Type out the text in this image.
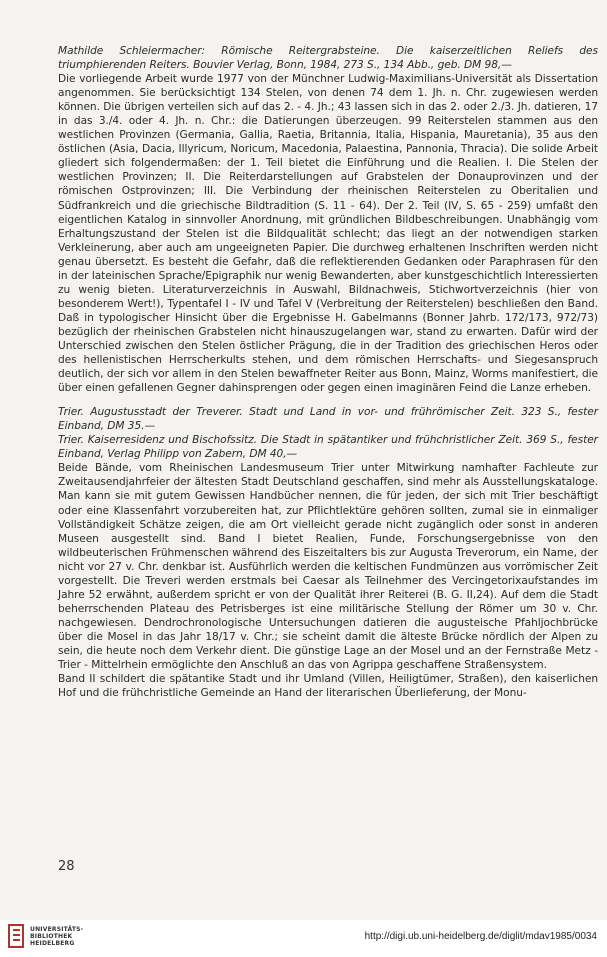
Mathilde Schleiermacher: Römische Reitergrabsteine. Die kaiserzeitlichen Reliefs des triumphierenden Reiters. Bouvier Verlag, Bonn, 1984, 273 S., 134 Abb., geb. DM 98,—

Die vorliegende Arbeit wurde 1977 von der Münchner Ludwig-Maximilians-Universität als Dissertation angenommen. Sie berücksichtigt 134 Stelen, von denen 74 dem 1. Jh. n. Chr. zugewiesen werden können. Die übrigen verteilen sich auf das 2. - 4. Jh.; 43 lassen sich in das 2. oder 2./3. Jh. datieren, 17 in das 3./4. oder 4. Jh. n. Chr.: die Datierungen überzeugen. 99 Reiterstelen stammen aus den westlichen Provinzen (Germania, Gallia, Raetia, Britannia, Italia, Hispania, Mauretania), 35 aus den östlichen (Asia, Dacia, Illyricum, Noricum, Macedonia, Palaestina, Pannonia, Thracia). Die solide Arbeit gliedert sich folgendermaßen: der 1. Teil bietet die Einführung und die Realien. I. Die Stelen der westlichen Provinzen; II. Die Reiterdarstellungen auf Grabstelen der Donauprovinzen und der römischen Ostprovinzen; III. Die Verbindung der rheinischen Reiterstelen zu Oberitalien und Südfrankreich und die griechische Bildtradition (S. 11 - 64). Der 2. Teil (IV, S. 65 - 259) umfaßt den eigentlichen Katalog in sinnvoller Anordnung, mit gründlichen Bildbeschreibungen. Unabhängig vom Erhaltungszustand der Stelen ist die Bildqualität schlecht; das liegt an der notwendigen starken Verkleinerung, aber auch am ungeeigneten Papier. Die durchweg erhaltenen Inschriften werden nicht genau übersetzt. Es besteht die Gefahr, daß die reflektierenden Gedanken oder Paraphrasen für den in der lateinischen Sprache/Epigraphik nur wenig Bewanderten, aber kunstgeschichtlich Interessierten zu wenig bieten. Literaturverzeichnis in Auswahl, Bildnachweis, Stichwortverzeichnis (hier von besonderem Wert!), Typentafel I - IV und Tafel V (Verbreitung der Reiterstelen) beschließen den Band. Daß in typologischer Hinsicht über die Ergebnisse H. Gabelmanns (Bonner Jahrb. 172/173, 972/73) bezüglich der rheinischen Grabstelen nicht hinauszugelangen war, stand zu erwarten. Dafür wird der Unterschied zwischen den Stelen östlicher Prägung, die in der Tradition des griechischen Heros oder des hellenistischen Herrscherkults stehen, und dem römischen Herrschafts- und Siegesanspruch deutlich, der sich vor allem in den Stelen bewaffneter Reiter aus Bonn, Mainz, Worms manifestiert, die über einen gefallenen Gegner dahinsprengen oder gegen einen imaginären Feind die Lanze erheben.

Trier. Augustusstadt der Treverer. Stadt und Land in vor- und frührömischer Zeit. 323 S., fester Einband, DM 35.—

Trier. Kaiserresidenz und Bischofssitz. Die Stadt in spätantiker und frühchristlicher Zeit. 369 S., fester Einband, Verlag Philipp von Zabern, DM 40,—

Beide Bände, vom Rheinischen Landesmuseum Trier unter Mitwirkung namhafter Fachleute zur Zweitausendjahrfeier der ältesten Stadt Deutschland geschaffen, sind mehr als Ausstellungskataloge. Man kann sie mit gutem Gewissen Handbücher nennen, die für jeden, der sich mit Trier beschäftigt oder eine Klassenfahrt vorzubereiten hat, zur Pflichtlektüre gehören sollten, zumal sie in einmaliger Vollständigkeit Schätze zeigen, die am Ort vielleicht gerade nicht zugänglich oder sonst in anderen Museen ausgestellt sind. Band I bietet Realien, Funde, Forschungsergebnisse von den wildbeuterischen Frühmenschen während des Eiszeitalters bis zur Augusta Treverorum, ein Name, der nicht vor 27 v. Chr. denkbar ist. Ausführlich werden die keltischen Fundmünzen aus vorrömischer Zeit vorgestellt. Die Treveri werden erstmals bei Caesar als Teilnehmer des Vercingetorixaufstandes im Jahre 52 erwähnt, außerdem spricht er von der Qualität ihrer Reiterei (B. G. II,24). Auf dem die Stadt beherrschenden Plateau des Petrisberges ist eine militärische Stellung der Römer um 30 v. Chr. nachgewiesen. Dendrochronologische Untersuchungen datieren die augusteische Pfahljochbrücke über die Mosel in das Jahr 18/17 v. Chr.; sie scheint damit die älteste Brücke nördlich der Alpen zu sein, die heute noch dem Verkehr dient. Die günstige Lage an der Mosel und an der Fernstraße Metz - Trier - Mittelrhein ermöglichte den Anschluß an das von Agrippa geschaffene Straßensystem.

Band II schildert die spätantike Stadt und ihr Umland (Villen, Heiligtümer, Straßen), den kaiserlichen Hof und die frühchristliche Gemeinde an Hand der literarischen Überlieferung, der Monu-

28
UNIVERSITÄTS-
BIBLIOTHEK
HEIDELBERG
http://digi.ub.uni-heidelberg.de/diglit/mdav1985/0034
